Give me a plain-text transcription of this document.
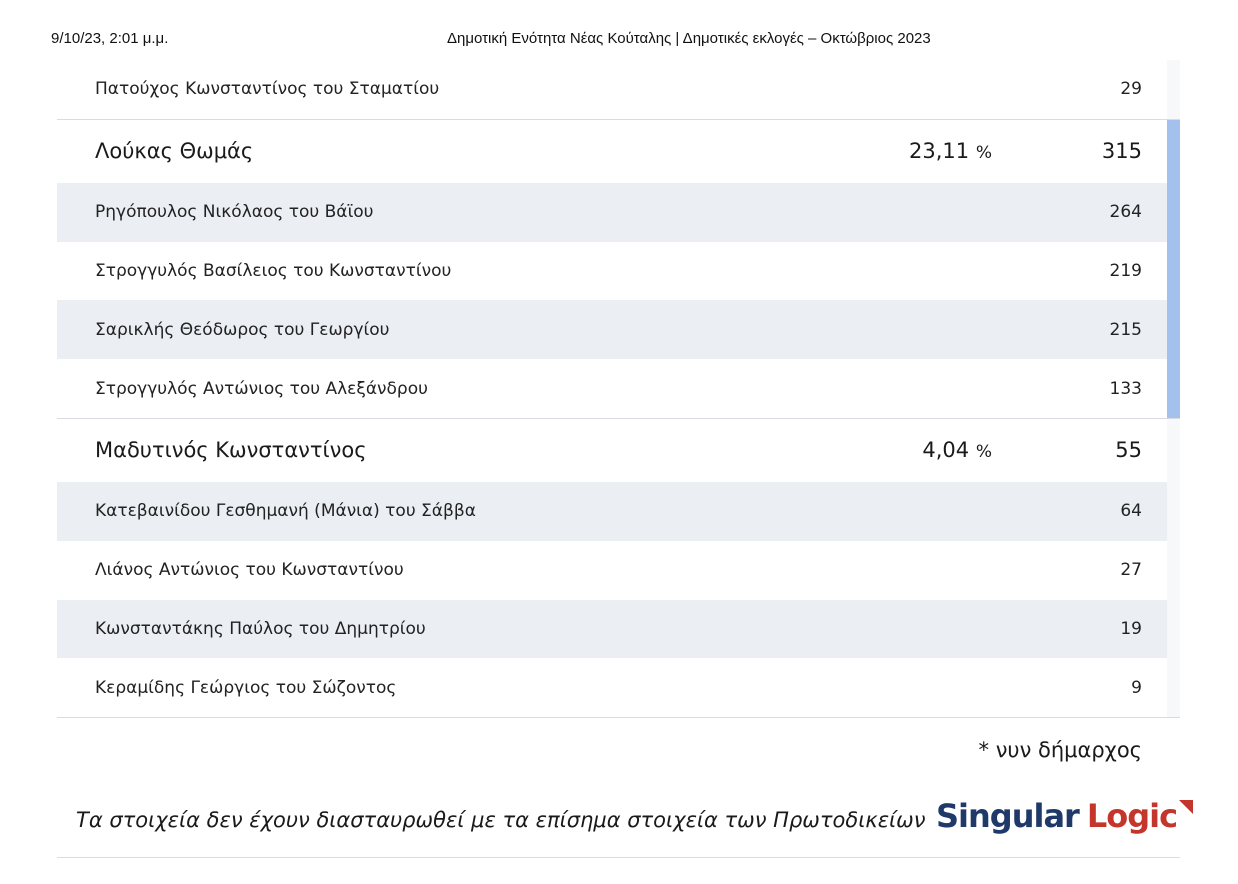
9/10/23, 2:01 μ.μ.	Δημοτική Ενότητα Νέας Κούταλης | Δημοτικές εκλογές – Οκτώβριος 2023
Πατούχος Κωνσταντίνος του Σταματίου	29
Λούκας Θωμάς	23,11 %	315
Ρηγόπουλος Νικόλαος του Βάϊου	264
Στρογγυλός Βασίλειος του Κωνσταντίνου	219
Σαρικλής Θεόδωρος του Γεωργίου	215
Στρογγυλός Αντώνιος του Αλεξάνδρου	133
Μαδυτινός Κωνσταντίνος	4,04 %	55
Κατεβαινίδου Γεσθημανή (Μάνια) του Σάββα	64
Λιάνος Αντώνιος του Κωνσταντίνου	27
Κωνσταντάκης Παύλος του Δημητρίου	19
Κεραμίδης Γεώργιος του Σώζοντος	9
* νυν δήμαρχος
Τα στοιχεία δεν έχουν διασταυρωθεί με τα επίσημα στοιχεία των Πρωτοδικείων Singular Logic
